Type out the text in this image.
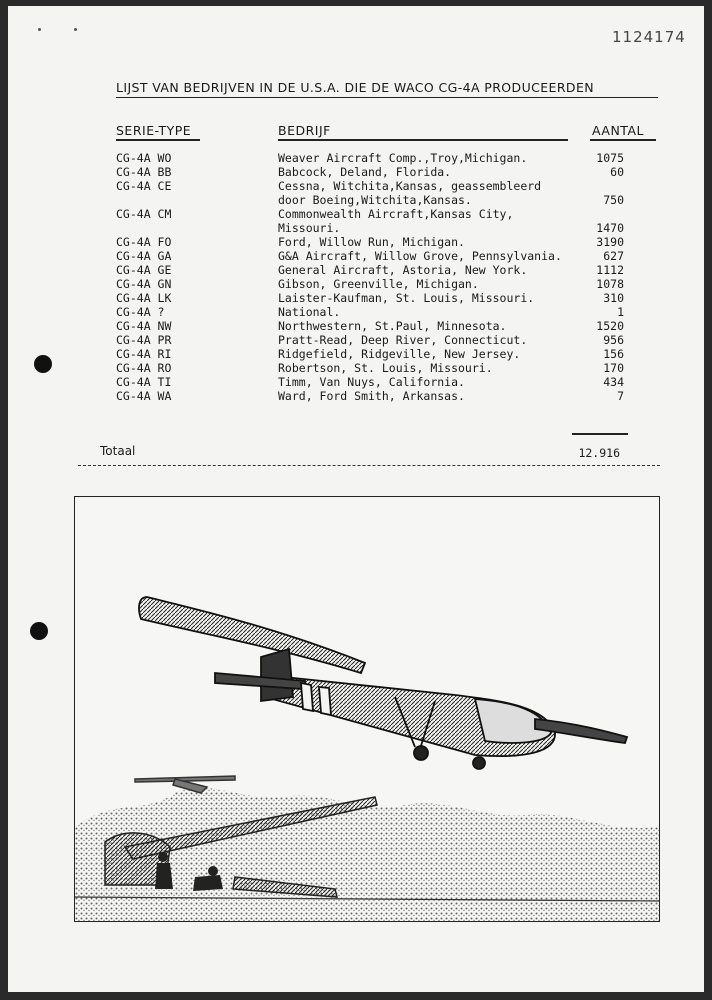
1124174
LIJST VAN BEDRIJVEN IN DE U.S.A. DIE DE WACO CG-4A PRODUCEERDEN
SERIE-TYPE	BEDRIJF	AANTAL
CG-4A WO	Weaver Aircraft Comp.,Troy,Michigan.	1075
CG-4A BB	Babcock, Deland, Florida.	60
CG-4A CE	Cessna, Witchita,Kansas, geassembleerd
door Boeing,Witchita,Kansas.	750
CG-4A CM	Commonwealth Aircraft,Kansas City,
Missouri.	1470
CG-4A FO	Ford, Willow Run, Michigan.	3190
CG-4A GA	G&A Aircraft, Willow Grove, Pennsylvania.	627
CG-4A GE	General Aircraft, Astoria, New York.	1112
CG-4A GN	Gibson, Greenville, Michigan.	1078
CG-4A LK	Laister-Kaufman, St. Louis, Missouri.	310
CG-4A ?	National.	1
CG-4A NW	Northwestern, St.Paul, Minnesota.	1520
CG-4A PR	Pratt-Read, Deep River, Connecticut.	956
CG-4A RI	Ridgefield, Ridgeville, New Jersey.	156
CG-4A RO	Robertson, St. Louis, Missouri.	170
CG-4A TI	Timm, Van Nuys, California.	434
CG-4A WA	Ward, Ford Smith, Arkansas.	7
Totaal	12.916
